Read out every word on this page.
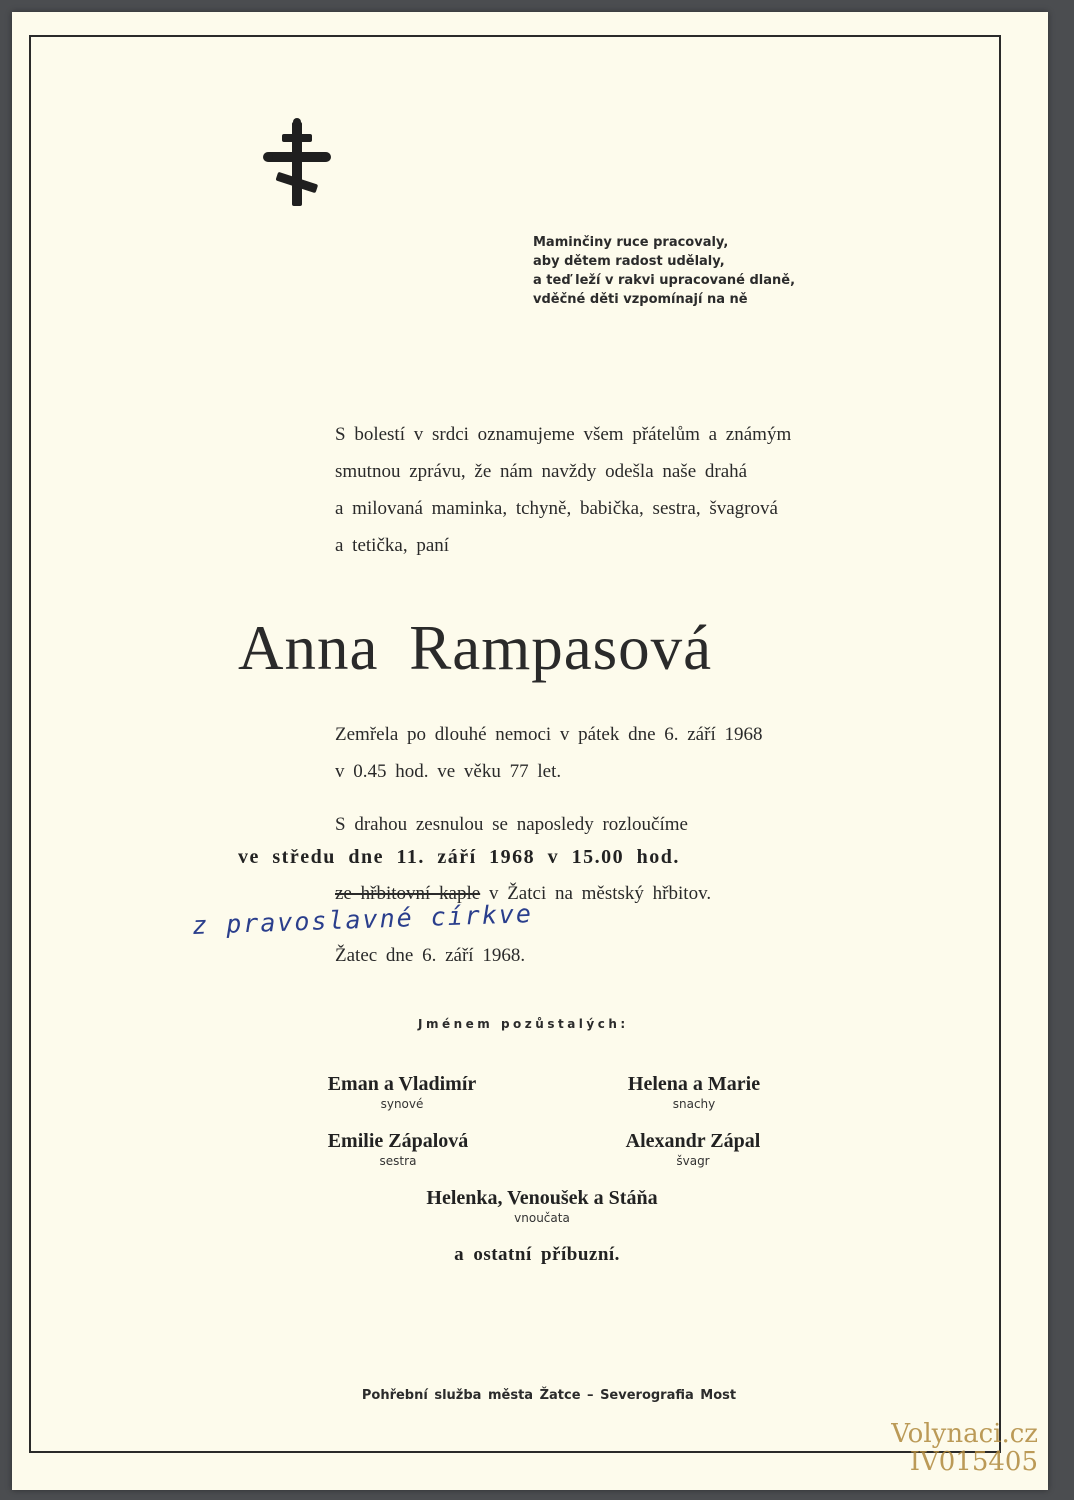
Maminčiny ruce pracovaly,
aby dětem radost udělaly,
a teď leží v rakvi upracované dlaně,
vděčné děti vzpomínají na ně
S bolestí v srdci oznamujeme všem přátelům a známým
smutnou zprávu, že nám navždy odešla naše drahá
a milovaná maminka, tchyně, babička, sestra, švagrová
a tetička, paní
Anna Rampasová
Zemřela po dlouhé nemoci v pátek dne 6. září 1968
v 0.45 hod. ve věku 77 let.
S drahou zesnulou se naposledy rozloučíme
ve středu dne 11. září 1968 v 15.00 hod.
ze hřbitovní kaple v Žatci na městský hřbitov.
z pravoslavné církve
Žatec dne 6. září 1968.
Jménem pozůstalých:
Eman a Vladimír
synové
Helena a Marie
snachy
Emilie Zápalová
sestra
Alexandr Zápal
švagr
Helenka, Venoušek a Stáňa
vnoučata
a ostatní příbuzní.
Pohřební služba města Žatce – Severografia Most
Volynaci.cz
IV015405
